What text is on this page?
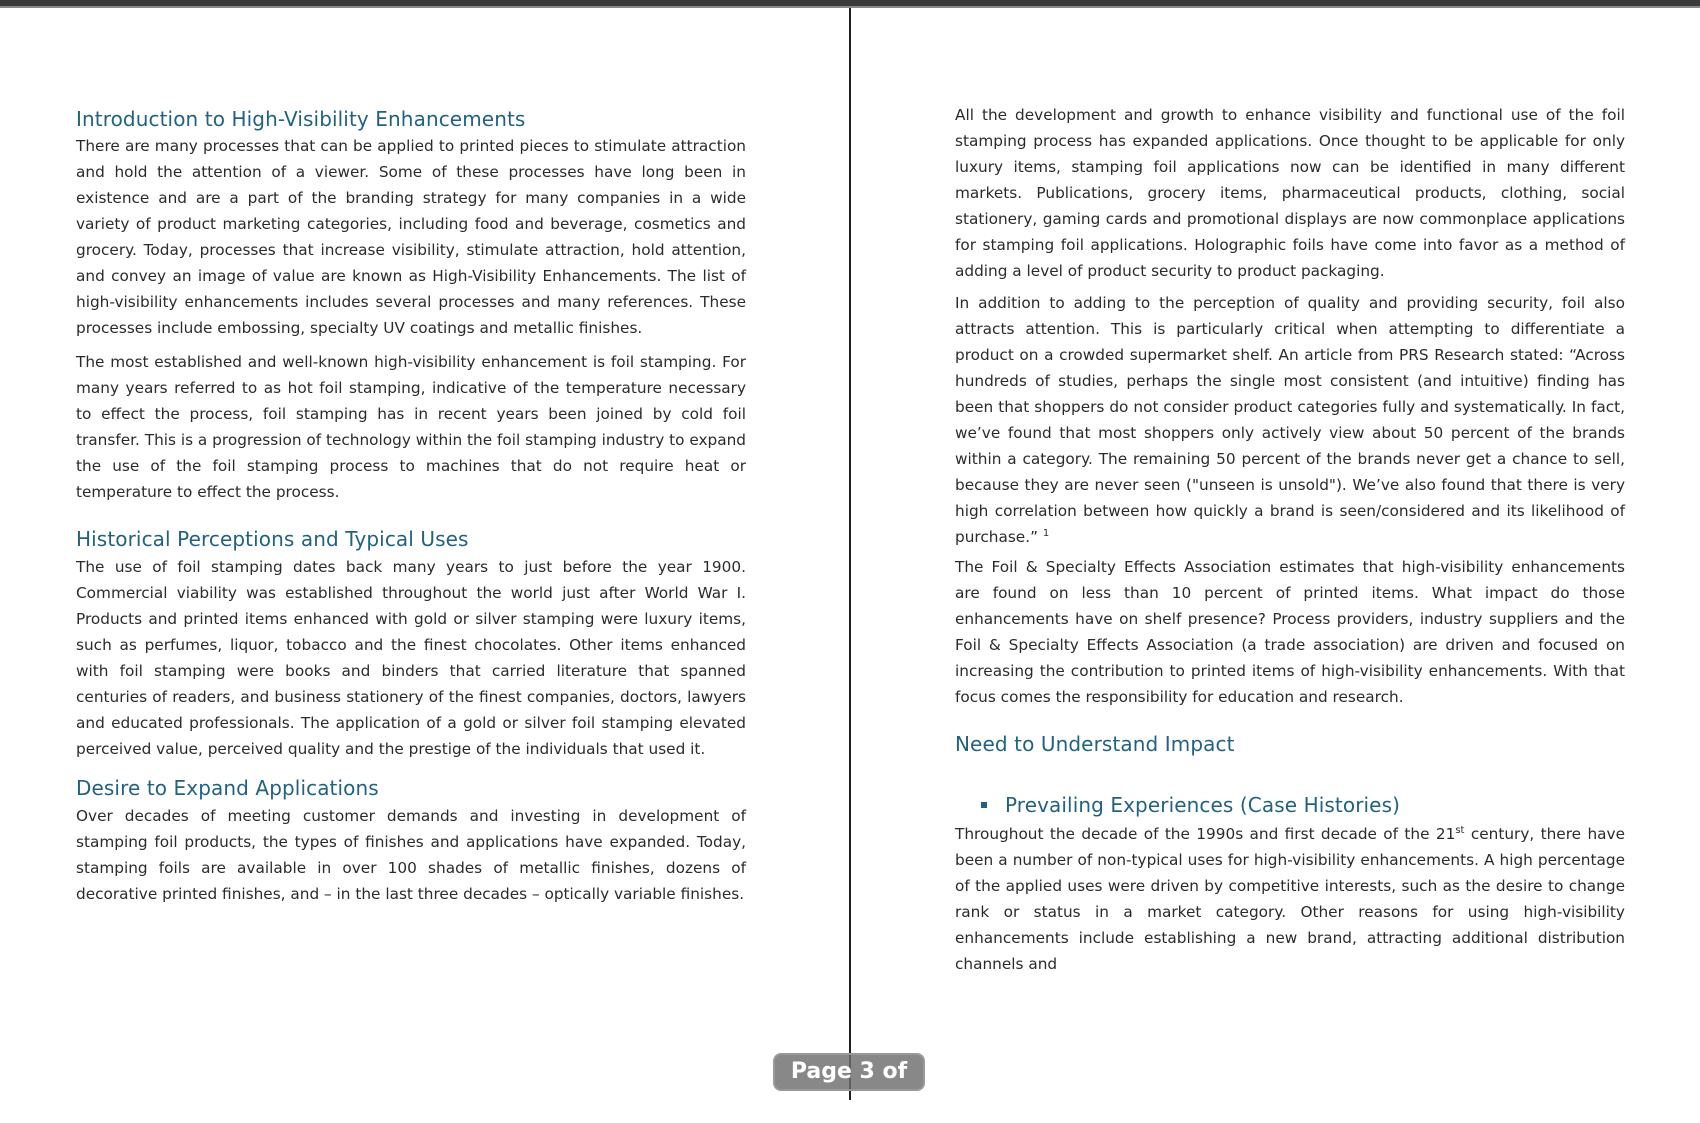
Introduction to High-Visibility Enhancements

There are many processes that can be applied to printed pieces to stimulate attraction and hold the attention of a viewer. Some of these processes have long been in existence and are a part of the branding strategy for many companies in a wide variety of product marketing categories, including food and beverage, cosmetics and grocery. Today, processes that increase visibility, stimulate attraction, hold attention, and convey an image of value are known as High-Visibility Enhancements. The list of high-visibility enhancements includes several processes and many references. These processes include embossing, specialty UV coatings and metallic finishes.

The most established and well-known high-visibility enhancement is foil stamping. For many years referred to as hot foil stamping, indicative of the temperature necessary to effect the process, foil stamping has in recent years been joined by cold foil transfer. This is a progression of technology within the foil stamping industry to expand the use of the foil stamping process to machines that do not require heat or temperature to effect the process.

Historical Perceptions and Typical Uses

The use of foil stamping dates back many years to just before the year 1900. Commercial viability was established throughout the world just after World War I. Products and printed items enhanced with gold or silver stamping were luxury items, such as perfumes, liquor, tobacco and the finest chocolates. Other items enhanced with foil stamping were books and binders that carried literature that spanned centuries of readers, and business stationery of the finest companies, doctors, lawyers and educated professionals. The application of a gold or silver foil stamping elevated perceived value, perceived quality and the prestige of the individuals that used it.

Desire to Expand Applications

Over decades of meeting customer demands and investing in development of stamping foil products, the types of finishes and applications have expanded. Today, stamping foils are available in over 100 shades of metallic finishes, dozens of decorative printed finishes, and – in the last three decades – optically variable finishes.

All the development and growth to enhance visibility and functional use of the foil stamping process has expanded applications. Once thought to be applicable for only luxury items, stamping foil applications now can be identified in many different markets. Publications, grocery items, pharmaceutical products, clothing, social stationery, gaming cards and promotional displays are now commonplace applications for stamping foil applications. Holographic foils have come into favor as a method of adding a level of product security to product packaging.

In addition to adding to the perception of quality and providing security, foil also attracts attention. This is particularly critical when attempting to differentiate a product on a crowded supermarket shelf. An article from PRS Research stated: “Across hundreds of studies, perhaps the single most consistent (and intuitive) finding has been that shoppers do not consider product categories fully and systematically. In fact, we’ve found that most shoppers only actively view about 50 percent of the brands within a category. The remaining 50 percent of the brands never get a chance to sell, because they are never seen ("unseen is unsold"). We’ve also found that there is very high correlation between how quickly a brand is seen/considered and its likelihood of purchase.” $^1$

The Foil & Specialty Effects Association estimates that high-visibility enhancements are found on less than 10 percent of printed items. What impact do those enhancements have on shelf presence? Process providers, industry suppliers and the Foil & Specialty Effects Association (a trade association) are driven and focused on increasing the contribution to printed items of high-visibility enhancements. With that focus comes the responsibility for education and research.

Need to Understand Impact
Prevailing Experiences (Case Histories)

Throughout the decade of the 1990s and first decade of the 21st century, there have been a number of non-typical uses for high-visibility enhancements. A high percentage of the applied uses were driven by competitive interests, such as the desire to change rank or status in a market category. Other reasons for using high-visibility enhancements include establishing a new brand, attracting additional distribution channels and

Page 3 of 11
